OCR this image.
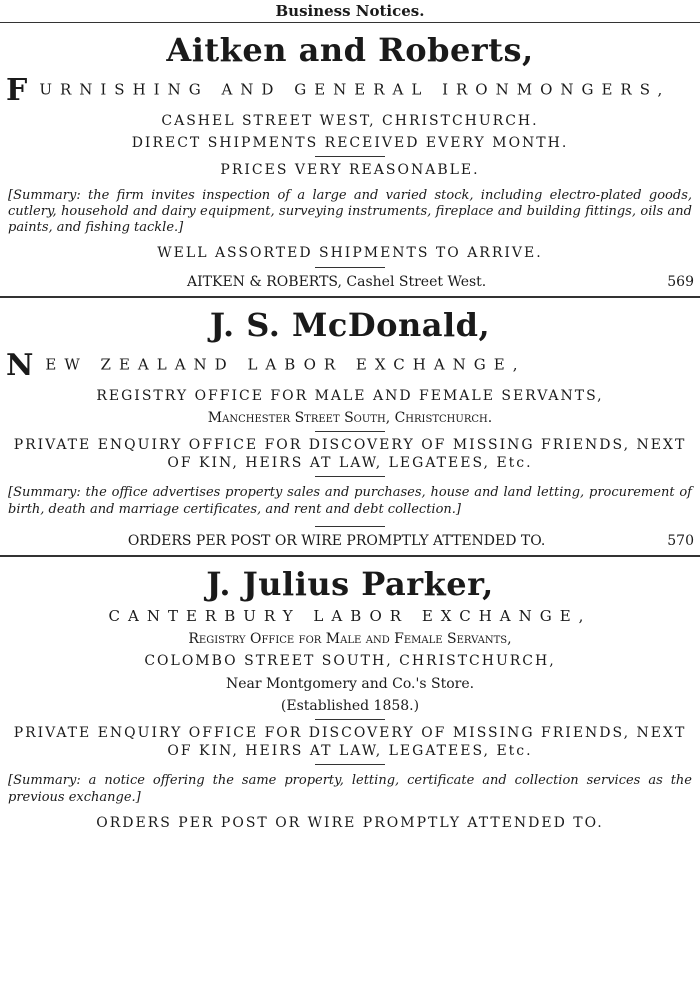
Business Notices.
Aitken and Roberts,
FURNISHING AND GENERAL IRONMONGERS,
CASHEL STREET WEST, CHRISTCHURCH.
DIRECT SHIPMENTS RECEIVED EVERY MONTH.
PRICES VERY REASONABLE.

[Summary: the firm invites inspection of a large and varied stock, including electro-plated goods, cutlery, household and dairy equipment, surveying instruments, fireplace and building fittings, oils and paints, and fishing tackle.]

WELL ASSORTED SHIPMENTS TO ARRIVE.
AITKEN & ROBERTS, Cashel Street West.	569
J. S. McDonald,
NEW ZEALAND LABOR EXCHANGE,
REGISTRY OFFICE FOR MALE AND FEMALE SERVANTS,
Manchester Street South, Christchurch.
PRIVATE ENQUIRY OFFICE FOR DISCOVERY OF MISSING FRIENDS, NEXT OF KIN, HEIRS AT LAW, LEGATEES, Etc.

[Summary: the office advertises property sales and purchases, house and land letting, procurement of birth, death and marriage certificates, and rent and debt collection.]

ORDERS PER POST OR WIRE PROMPTLY ATTENDED TO.	570
J. Julius Parker,
CANTERBURY LABOR EXCHANGE,
Registry Office for Male and Female Servants,
COLOMBO STREET SOUTH, CHRISTCHURCH,
Near Montgomery and Co.'s Store.
(Established 1858.)
PRIVATE ENQUIRY OFFICE FOR DISCOVERY OF MISSING FRIENDS, NEXT OF KIN, HEIRS AT LAW, LEGATEES, Etc.

[Summary: a notice offering the same property, letting, certificate and collection services as the previous exchange.]

ORDERS PER POST OR WIRE PROMPTLY ATTENDED TO.
